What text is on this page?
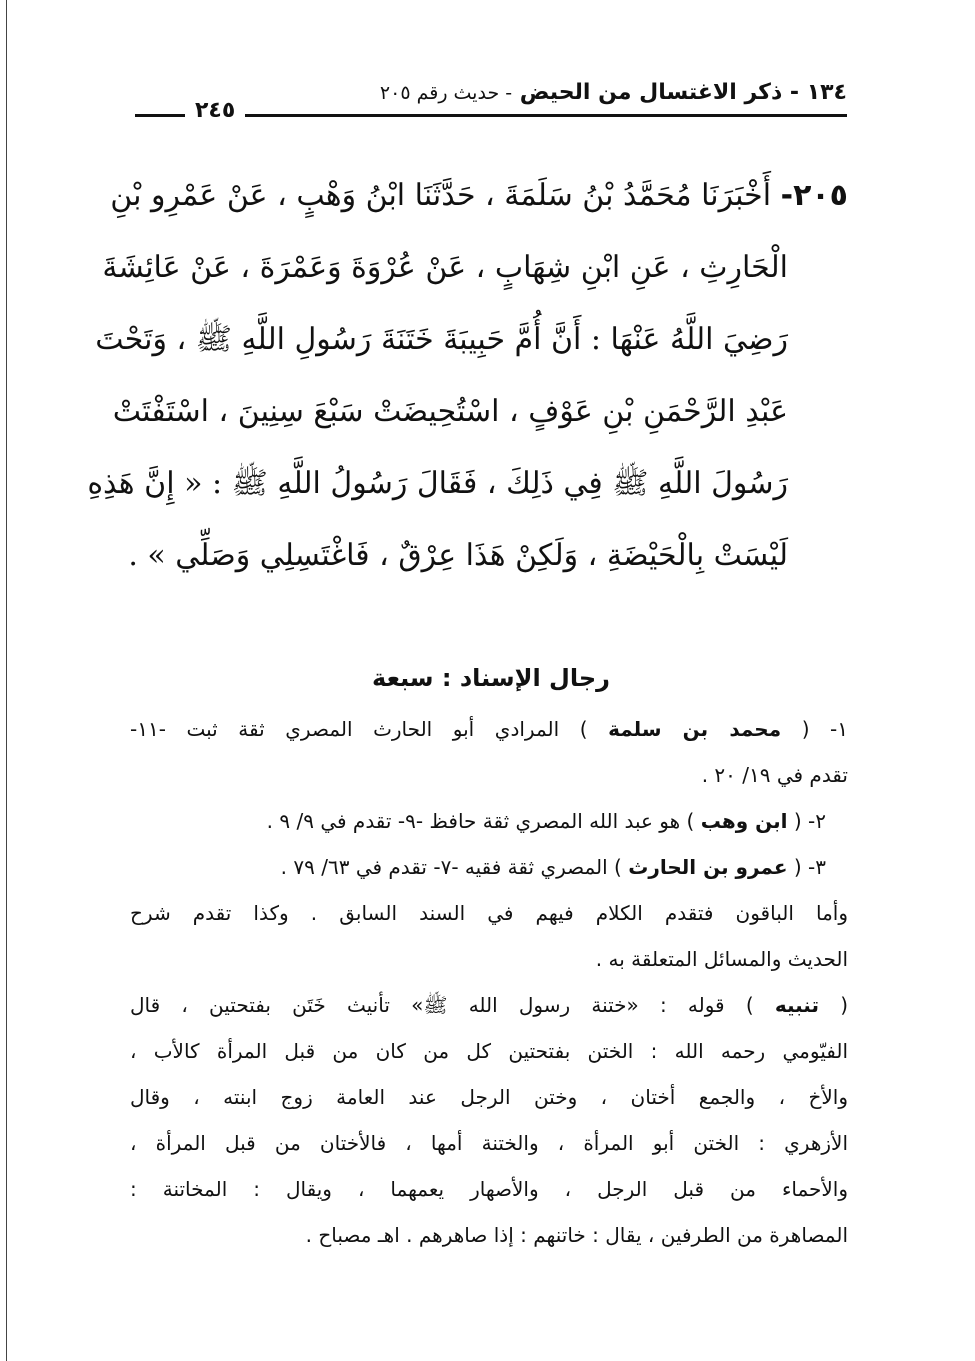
١٣٤ - ذكر الاغتسال من الحيض - حديث رقم ٢٠٥
٢٤٥
٢٠٥- أَخْبَرَنَا مُحَمَّدُ بْنُ سَلَمَةَ ، حَدَّثَنَا ابْنُ وَهْبٍ ، عَنْ عَمْرِو بْنِ
الْحَارِثِ ، عَنِ ابْنِ شِهَابٍ ، عَنْ عُرْوَةَ وَعَمْرَةَ ، عَنْ عَائِشَةَ
رَضِيَ اللَّهُ عَنْهَا : أَنَّ أُمَّ حَبِيبَةَ خَتَنَةَ رَسُولِ اللَّهِ ﷺ ، وَتَحْتَ
عَبْدِ الرَّحْمَنِ بْنِ عَوْفٍ ، اسْتُحِيضَتْ سَبْعَ سِنِينَ ، اسْتَفْتَتْ
رَسُولَ اللَّهِ ﷺ فِي ذَلِكَ ، فَقَالَ رَسُولُ اللَّهِ ﷺ : « إِنَّ هَذِهِ
لَيْسَتْ بِالْحَيْضَةِ ، وَلَكِنْ هَذَا عِرْقٌ ، فَاغْتَسِلِي وَصَلِّي » .
رجال الإسناد : سبعة
١- ( محمد بن سلمة ) المرادي أبو الحارث المصري ثقة ثبت -١١-
تقدم في ١٩/ ٢٠ .
٢- ( ابن وهب ) هو عبد الله المصري ثقة حافظ -٩- تقدم في ٩/ ٩ .
٣- ( عمرو بن الحارث ) المصري ثقة فقيه -٧- تقدم في ٦٣/ ٧٩ .
وأما الباقون فتقدم الكلام فيهم في السند السابق . وكذا تقدم شرح
الحديث والمسائل المتعلقة به .
( تنبيه ) قوله : «ختنة رسول الله ﷺ» تأنيث خَتَن بفتحتين ، قال
الفيّومي رحمه الله : الختن بفتحتين كل من كان من قبل المرأة كالأب ،
والأخ ، والجمع أختان ، وختن الرجل عند العامة زوج ابنته ، وقال
الأزهري : الختن أبو المرأة ، والختنة أمها ، فالأختان من قبل المرأة ،
والأحماء من قبل الرجل ، والأصهار يعمهما ، ويقال : المخاتنة :
المصاهرة من الطرفين ، يقال : خاتنهم : إذا صاهرهم . اهـ مصباح .
